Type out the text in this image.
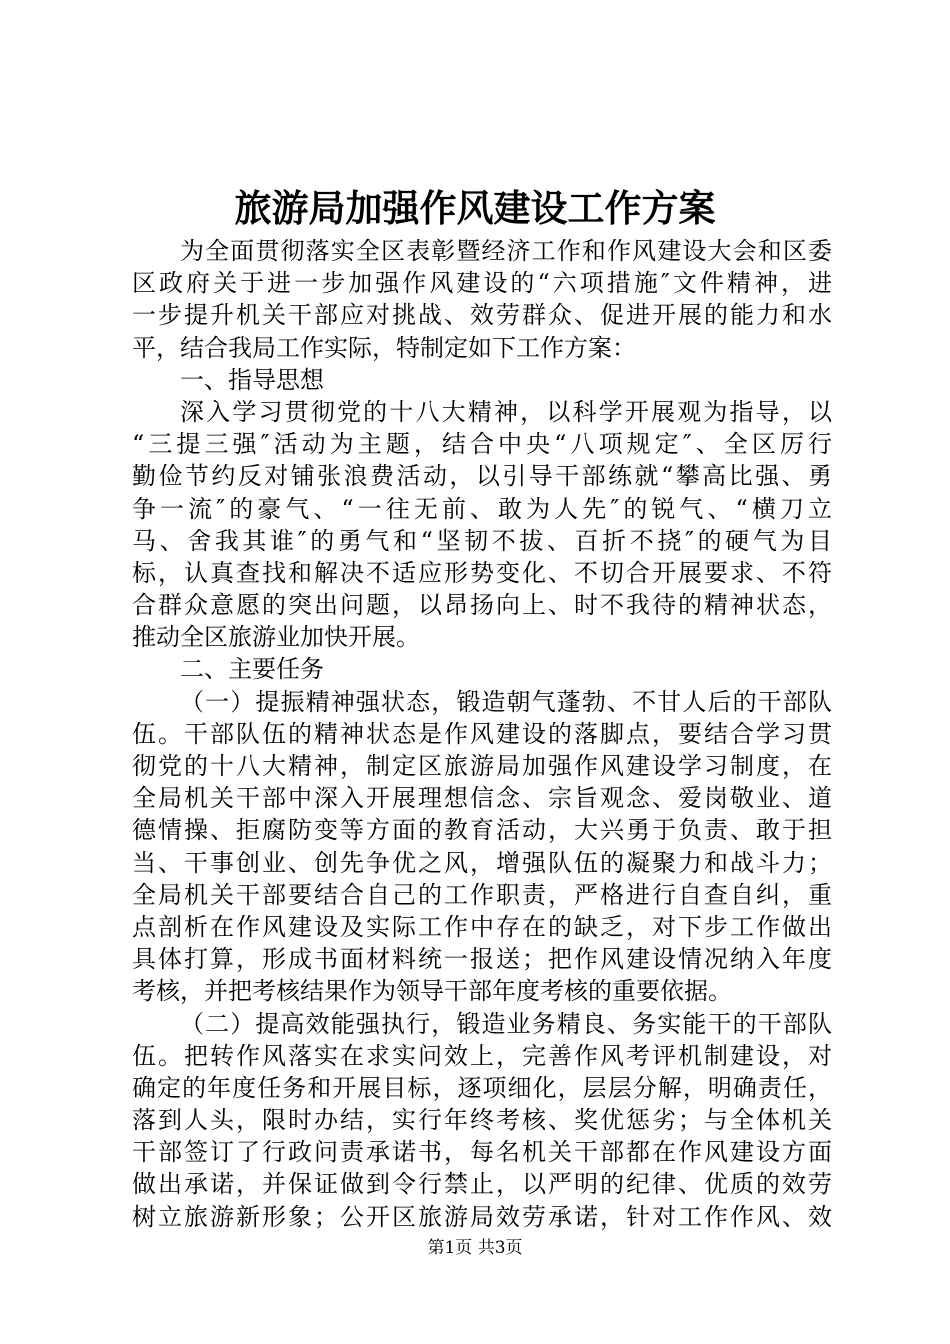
旅游局加强作风建设工作方案
为全面贯彻落实全区表彰暨经济工作和作风建设大会和区委
区政府关于进一步加强作风建设的“六项措施″文件精神，进
一步提升机关干部应对挑战、效劳群众、促进开展的能力和水
平，结合我局工作实际，特制定如下工作方案：
一、指导思想
深入学习贯彻党的十八大精神，以科学开展观为指导，以
“三提三强″活动为主题，结合中央“八项规定″、全区厉行
勤俭节约反对铺张浪费活动，以引导干部练就“攀高比强、勇
争一流″的豪气、“一往无前、敢为人先″的锐气、“横刀立
马、舍我其谁″的勇气和“坚韧不拔、百折不挠″的硬气为目
标，认真查找和解决不适应形势变化、不切合开展要求、不符
合群众意愿的突出问题，以昂扬向上、时不我待的精神状态，
推动全区旅游业加快开展。
二、主要任务
（一）提振精神强状态，锻造朝气蓬勃、不甘人后的干部队
伍。干部队伍的精神状态是作风建设的落脚点，要结合学习贯
彻党的十八大精神，制定区旅游局加强作风建设学习制度，在
全局机关干部中深入开展理想信念、宗旨观念、爱岗敬业、道
德情操、拒腐防变等方面的教育活动，大兴勇于负责、敢于担
当、干事创业、创先争优之风，增强队伍的凝聚力和战斗力；
全局机关干部要结合自己的工作职责，严格进行自查自纠，重
点剖析在作风建设及实际工作中存在的缺乏，对下步工作做出
具体打算，形成书面材料统一报送；把作风建设情况纳入年度
考核，并把考核结果作为领导干部年度考核的重要依据。
（二）提高效能强执行，锻造业务精良、务实能干的干部队
伍。把转作风落实在求实问效上，完善作风考评机制建设，对
确定的年度任务和开展目标，逐项细化，层层分解，明确责任，
落到人头，限时办结，实行年终考核、奖优惩劣；与全体机关
干部签订了行政问责承诺书，每名机关干部都在作风建设方面
做出承诺，并保证做到令行禁止，以严明的纪律、优质的效劳
树立旅游新形象；公开区旅游局效劳承诺，针对工作作风、效
第1页 共3页
